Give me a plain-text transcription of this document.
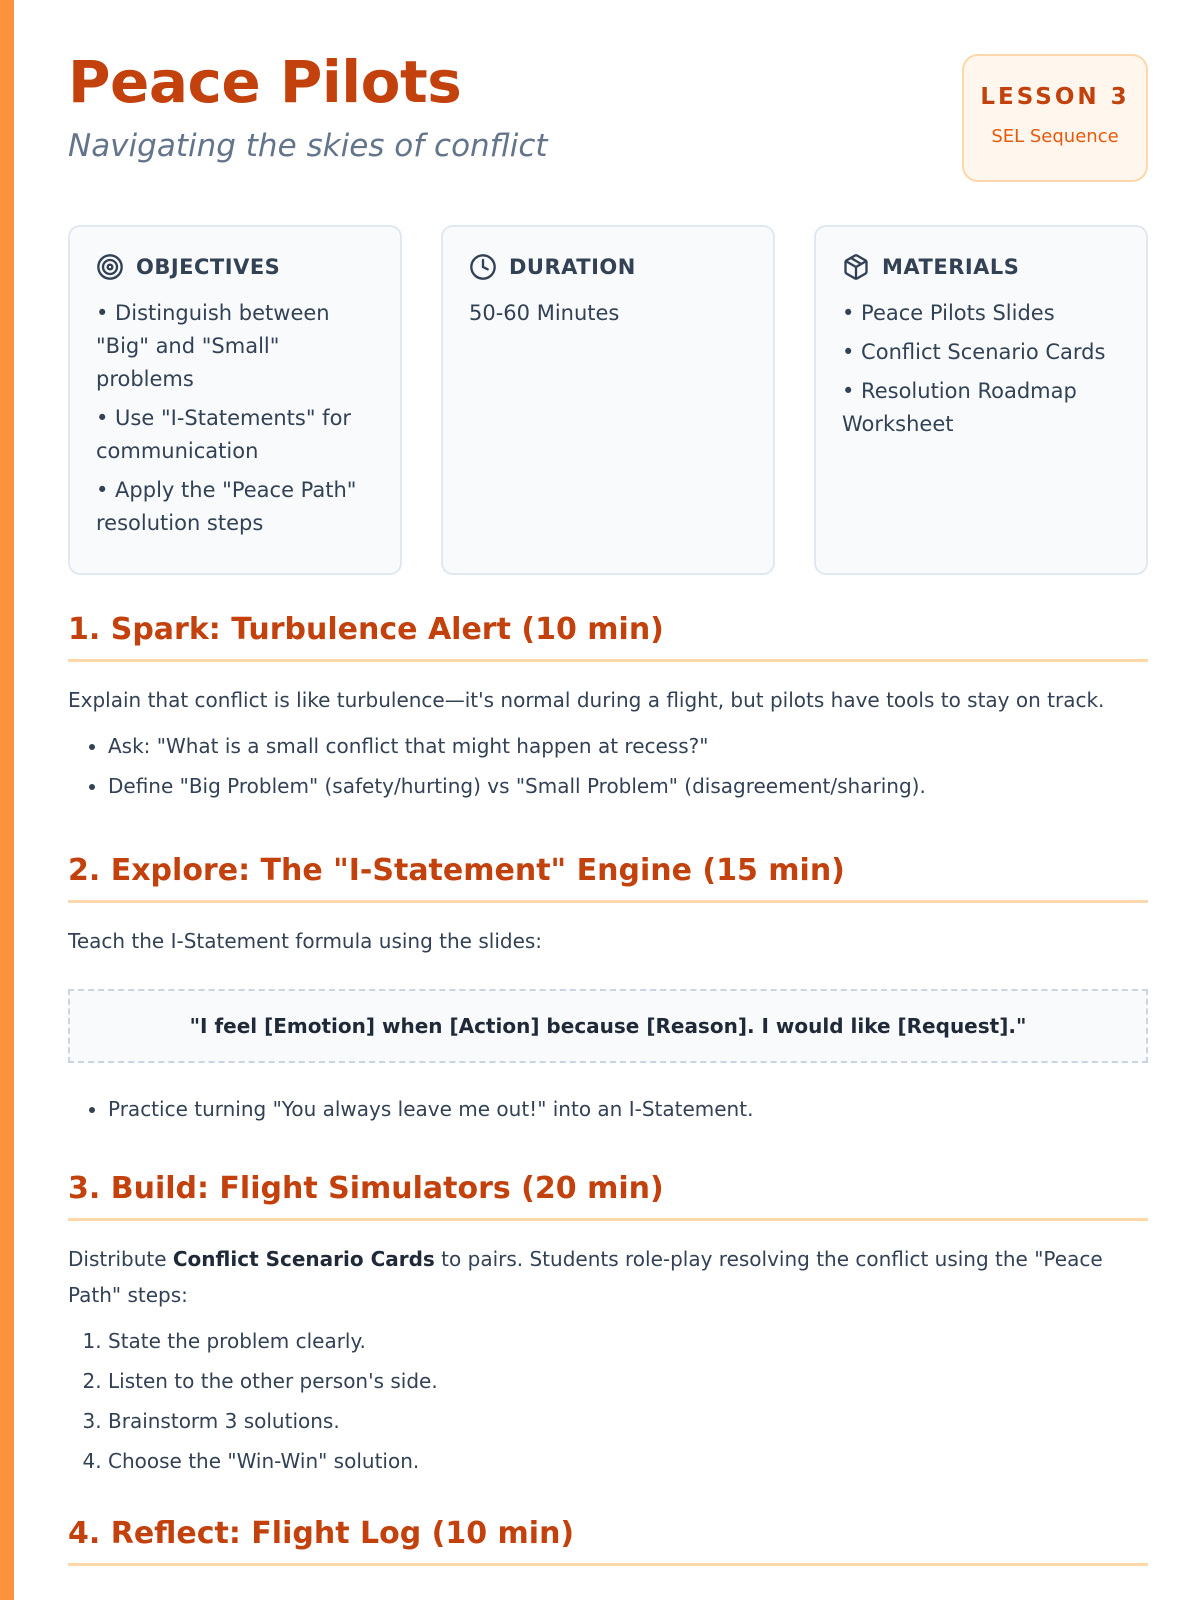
Peace Pilots

Navigating the skies of conflict

LESSON 3
SEL Sequence
OBJECTIVES
• Distinguish between "Big" and "Small" problems
• Use "I-Statements" for communication
• Apply the "Peace Path" resolution steps
DURATION

50-60 Minutes

MATERIALS
• Peace Pilots Slides
• Conflict Scenario Cards
• Resolution Roadmap Worksheet
1. Spark: Turbulence Alert (10 min)

Explain that conflict is like turbulence—it's normal during a flight, but pilots have tools to stay on track.

• Ask: "What is a small conflict that might happen at recess?"
• Define "Big Problem" (safety/hurting) vs "Small Problem" (disagreement/sharing).
2. Explore: The "I-Statement" Engine (15 min)

Teach the I-Statement formula using the slides:

"I feel [Emotion] when [Action] because [Reason]. I would like [Request]."
• Practice turning "You always leave me out!" into an I-Statement.
3. Build: Flight Simulators (20 min)

Distribute Conflict Scenario Cards to pairs. Students role-play resolving the conflict using the "Peace Path" steps:

1. State the problem clearly.
2. Listen to the other person's side.
3. Brainstorm 3 solutions.
4. Choose the "Win-Win" solution.
4. Reflect: Flight Log (10 min)
